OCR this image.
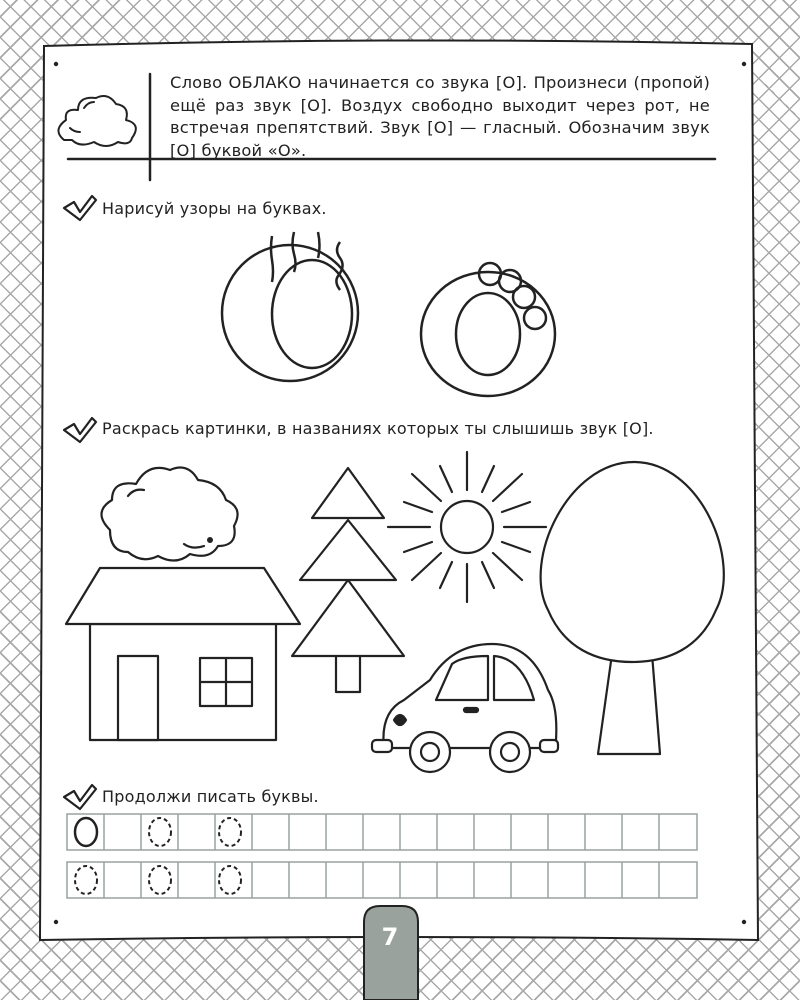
Слово ОБЛАКО начинается со звука [О]. Произнеси (пропой) ещё раз звук [О]. Воздух свободно выходит через рот, не встречая препятствий. Звук [О] — гласный. Обозначим звук [О] буквой «О».

Нарисуй узоры на буквах.

Раскрась картинки, в названиях которых ты слышишь звук [О].

Продолжи писать буквы.

7
